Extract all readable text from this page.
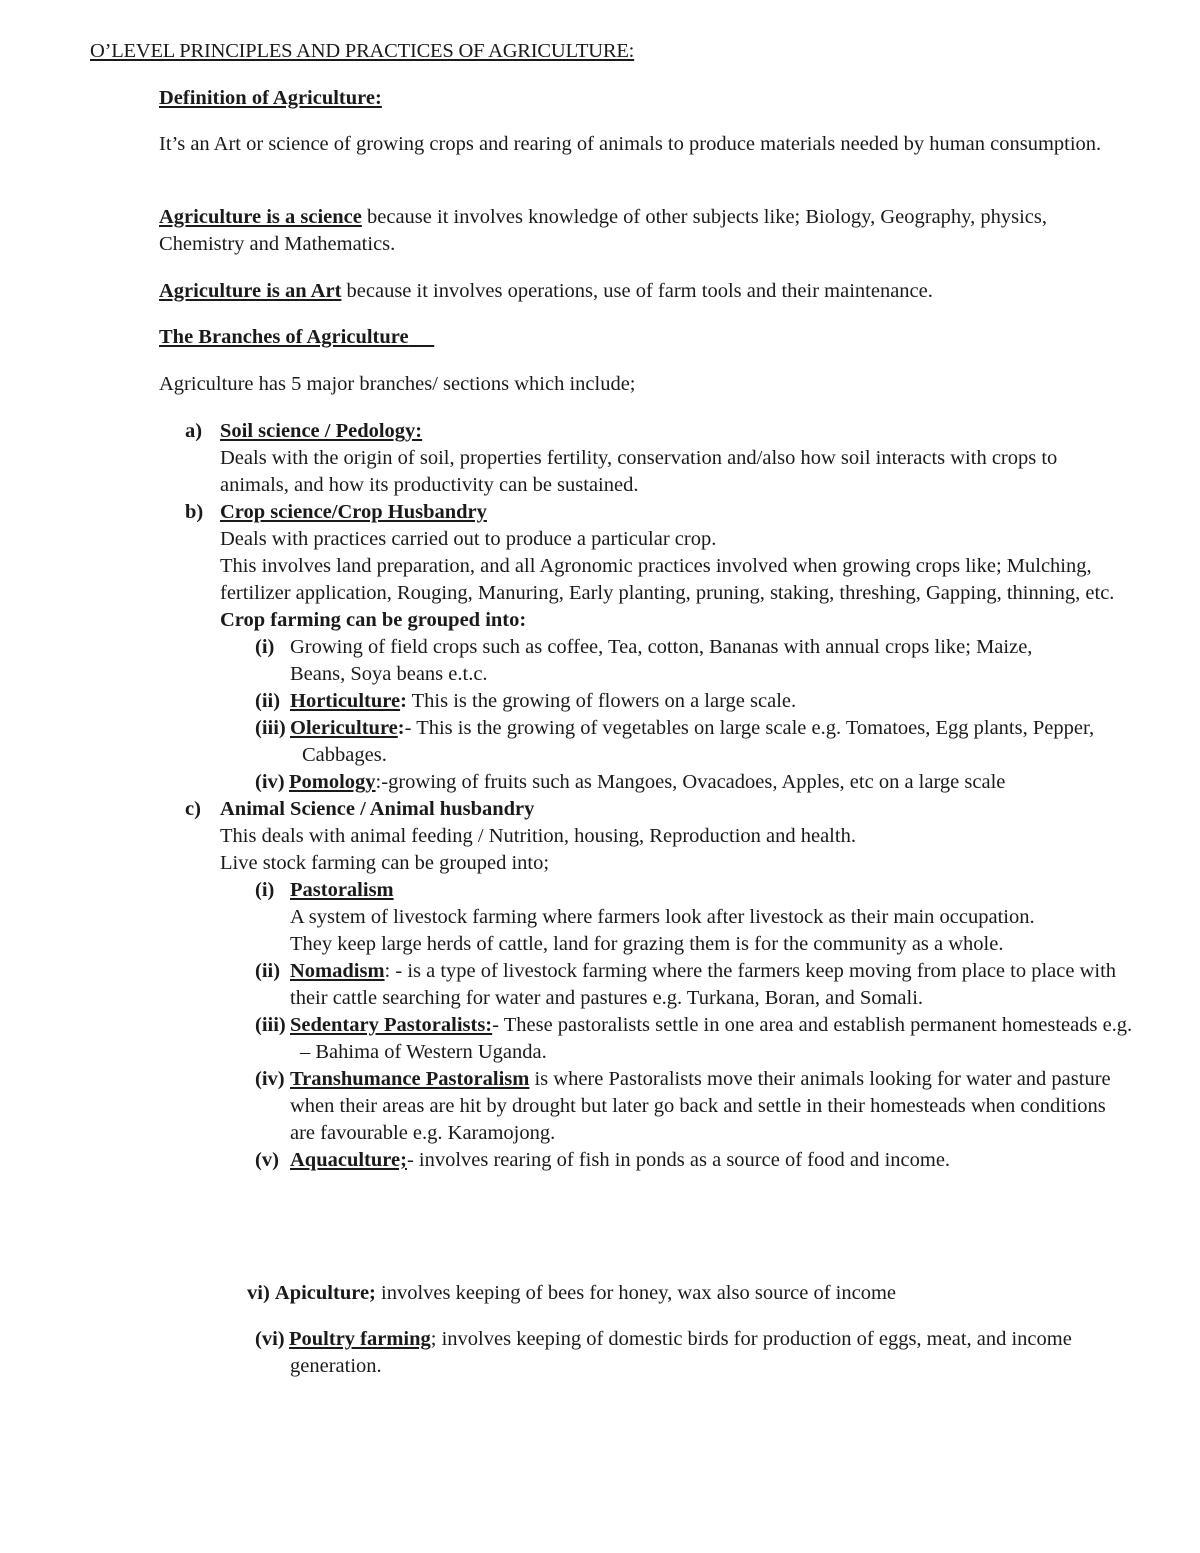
O’LEVEL PRINCIPLES AND PRACTICES OF AGRICULTURE:
Definition of Agriculture:
It’s an Art or science of growing crops and rearing of animals to produce materials needed by human consumption.
Agriculture is a science because it involves knowledge of other subjects like; Biology, Geography, physics, Chemistry and Mathematics.
Agriculture is an Art because it involves operations, use of farm tools and their maintenance.
The Branches of Agriculture
Agriculture has 5 major branches/ sections which include;
a) Soil science / Pedology:
Deals with the origin of soil, properties fertility, conservation and/also how soil interacts with crops to animals, and how its productivity can be sustained.
b) Crop science/Crop Husbandry
Deals with practices carried out to produce a particular crop.
This involves land preparation, and all Agronomic practices involved when growing crops like; Mulching, fertilizer application, Rouging, Manuring, Early planting, pruning, staking, threshing, Gapping, thinning, etc.
Crop farming can be grouped into:
(i) Growing of field crops such as coffee, Tea, cotton, Bananas with annual crops like; Maize, Beans, Soya beans e.t.c.
(ii) Horticulture: This is the growing of flowers on a large scale.
(iii) Olericulture:- This is the growing of vegetables on large scale e.g. Tomatoes, Egg plants, Pepper, Cabbages.
(iv) Pomology:-growing of fruits such as Mangoes, Ovacadoes, Apples, etc on a large scale
c) Animal Science / Animal husbandry
This deals with animal feeding / Nutrition, housing, Reproduction and health.
Live stock farming can be grouped into;
(i) Pastoralism
A system of livestock farming where farmers look after livestock as their main occupation.
They keep large herds of cattle, land for grazing them is for the community as a whole.
(ii) Nomadism: - is a type of livestock farming where the farmers keep moving from place to place with their cattle searching for water and pastures e.g. Turkana, Boran, and Somali.
(iii) Sedentary Pastoralists:- These pastoralists settle in one area and establish permanent homesteads e.g. – Bahima of Western Uganda.
(iv) Transhumance Pastoralism is where Pastoralists move their animals looking for water and pasture when their areas are hit by drought but later go back and settle in their homesteads when conditions are favourable e.g. Karamojong.
(v) Aquaculture;- involves rearing of fish in ponds as a source of food and income.
vi) Apiculture; involves keeping of bees for honey, wax also source of income
(vi) Poultry farming; involves keeping of domestic birds for production of eggs, meat, and income generation.
